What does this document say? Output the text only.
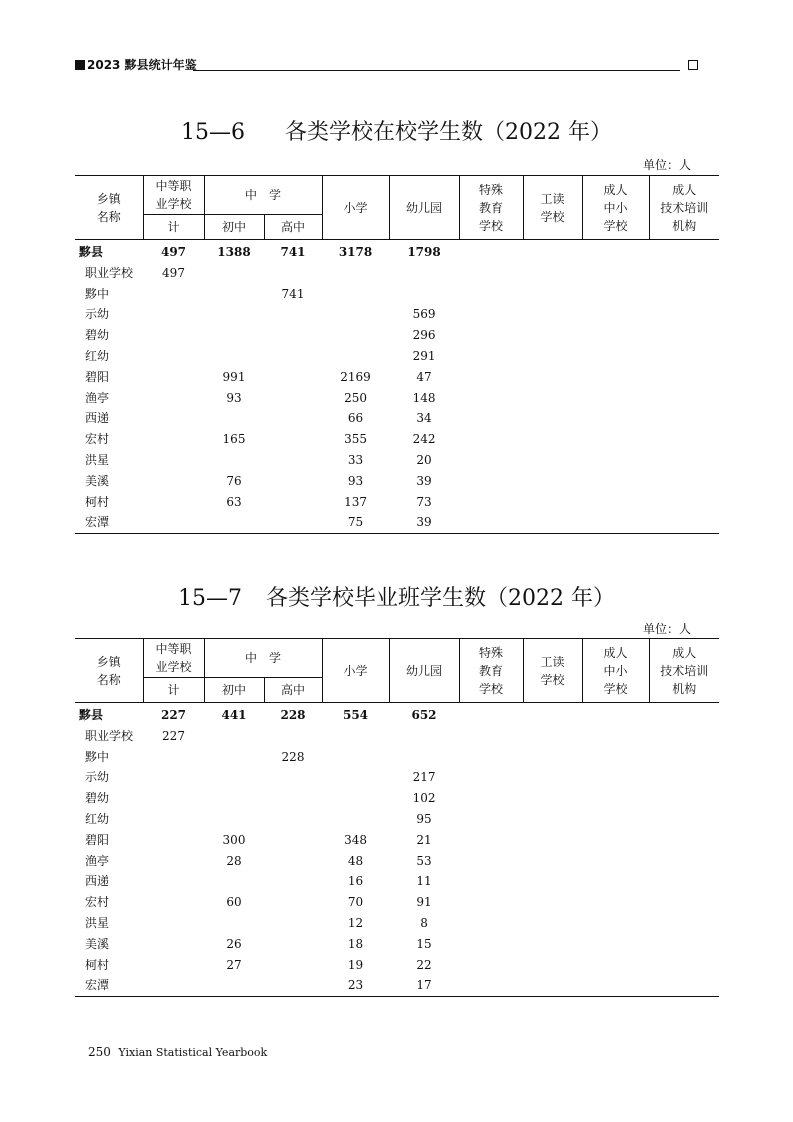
2023 黟县统计年鉴
15—6 各类学校在校学生数（2022 年）
单位：人
乡镇
名称	中等职
业学校	中　学		小学	幼儿园	特殊
教育
学校	工读
学校	成人
中小
学校	成人
技术培训
机构
	计	初中	高中						
黟县	497	1388	741	3178	1798				
职业学校	497								
黟中			741						
示幼					569				
碧幼					296				
红幼					291				
碧阳		991		2169	47				
渔亭		93		250	148				
西递				66	34				
宏村		165		355	242				
洪星				33	20				
美溪		76		93	39				
柯村		63		137	73				
宏潭				75	39				
15—7 各类学校毕业班学生数（2022 年）
单位：人
乡镇
名称	中等职
业学校	中　学		小学	幼儿园	特殊
教育
学校	工读
学校	成人
中小
学校	成人
技术培训
机构
	计	初中	高中						
黟县	227	441	228	554	652				
职业学校	227								
黟中			228						
示幼					217				
碧幼					102				
红幼					95				
碧阳		300		348	21				
渔亭		28		48	53				
西递				16	11				
宏村		60		70	91				
洪星				12	8				
美溪		26		18	15				
柯村		27		19	22				
宏潭				23	17				
250 Yixian Statistical Yearbook
